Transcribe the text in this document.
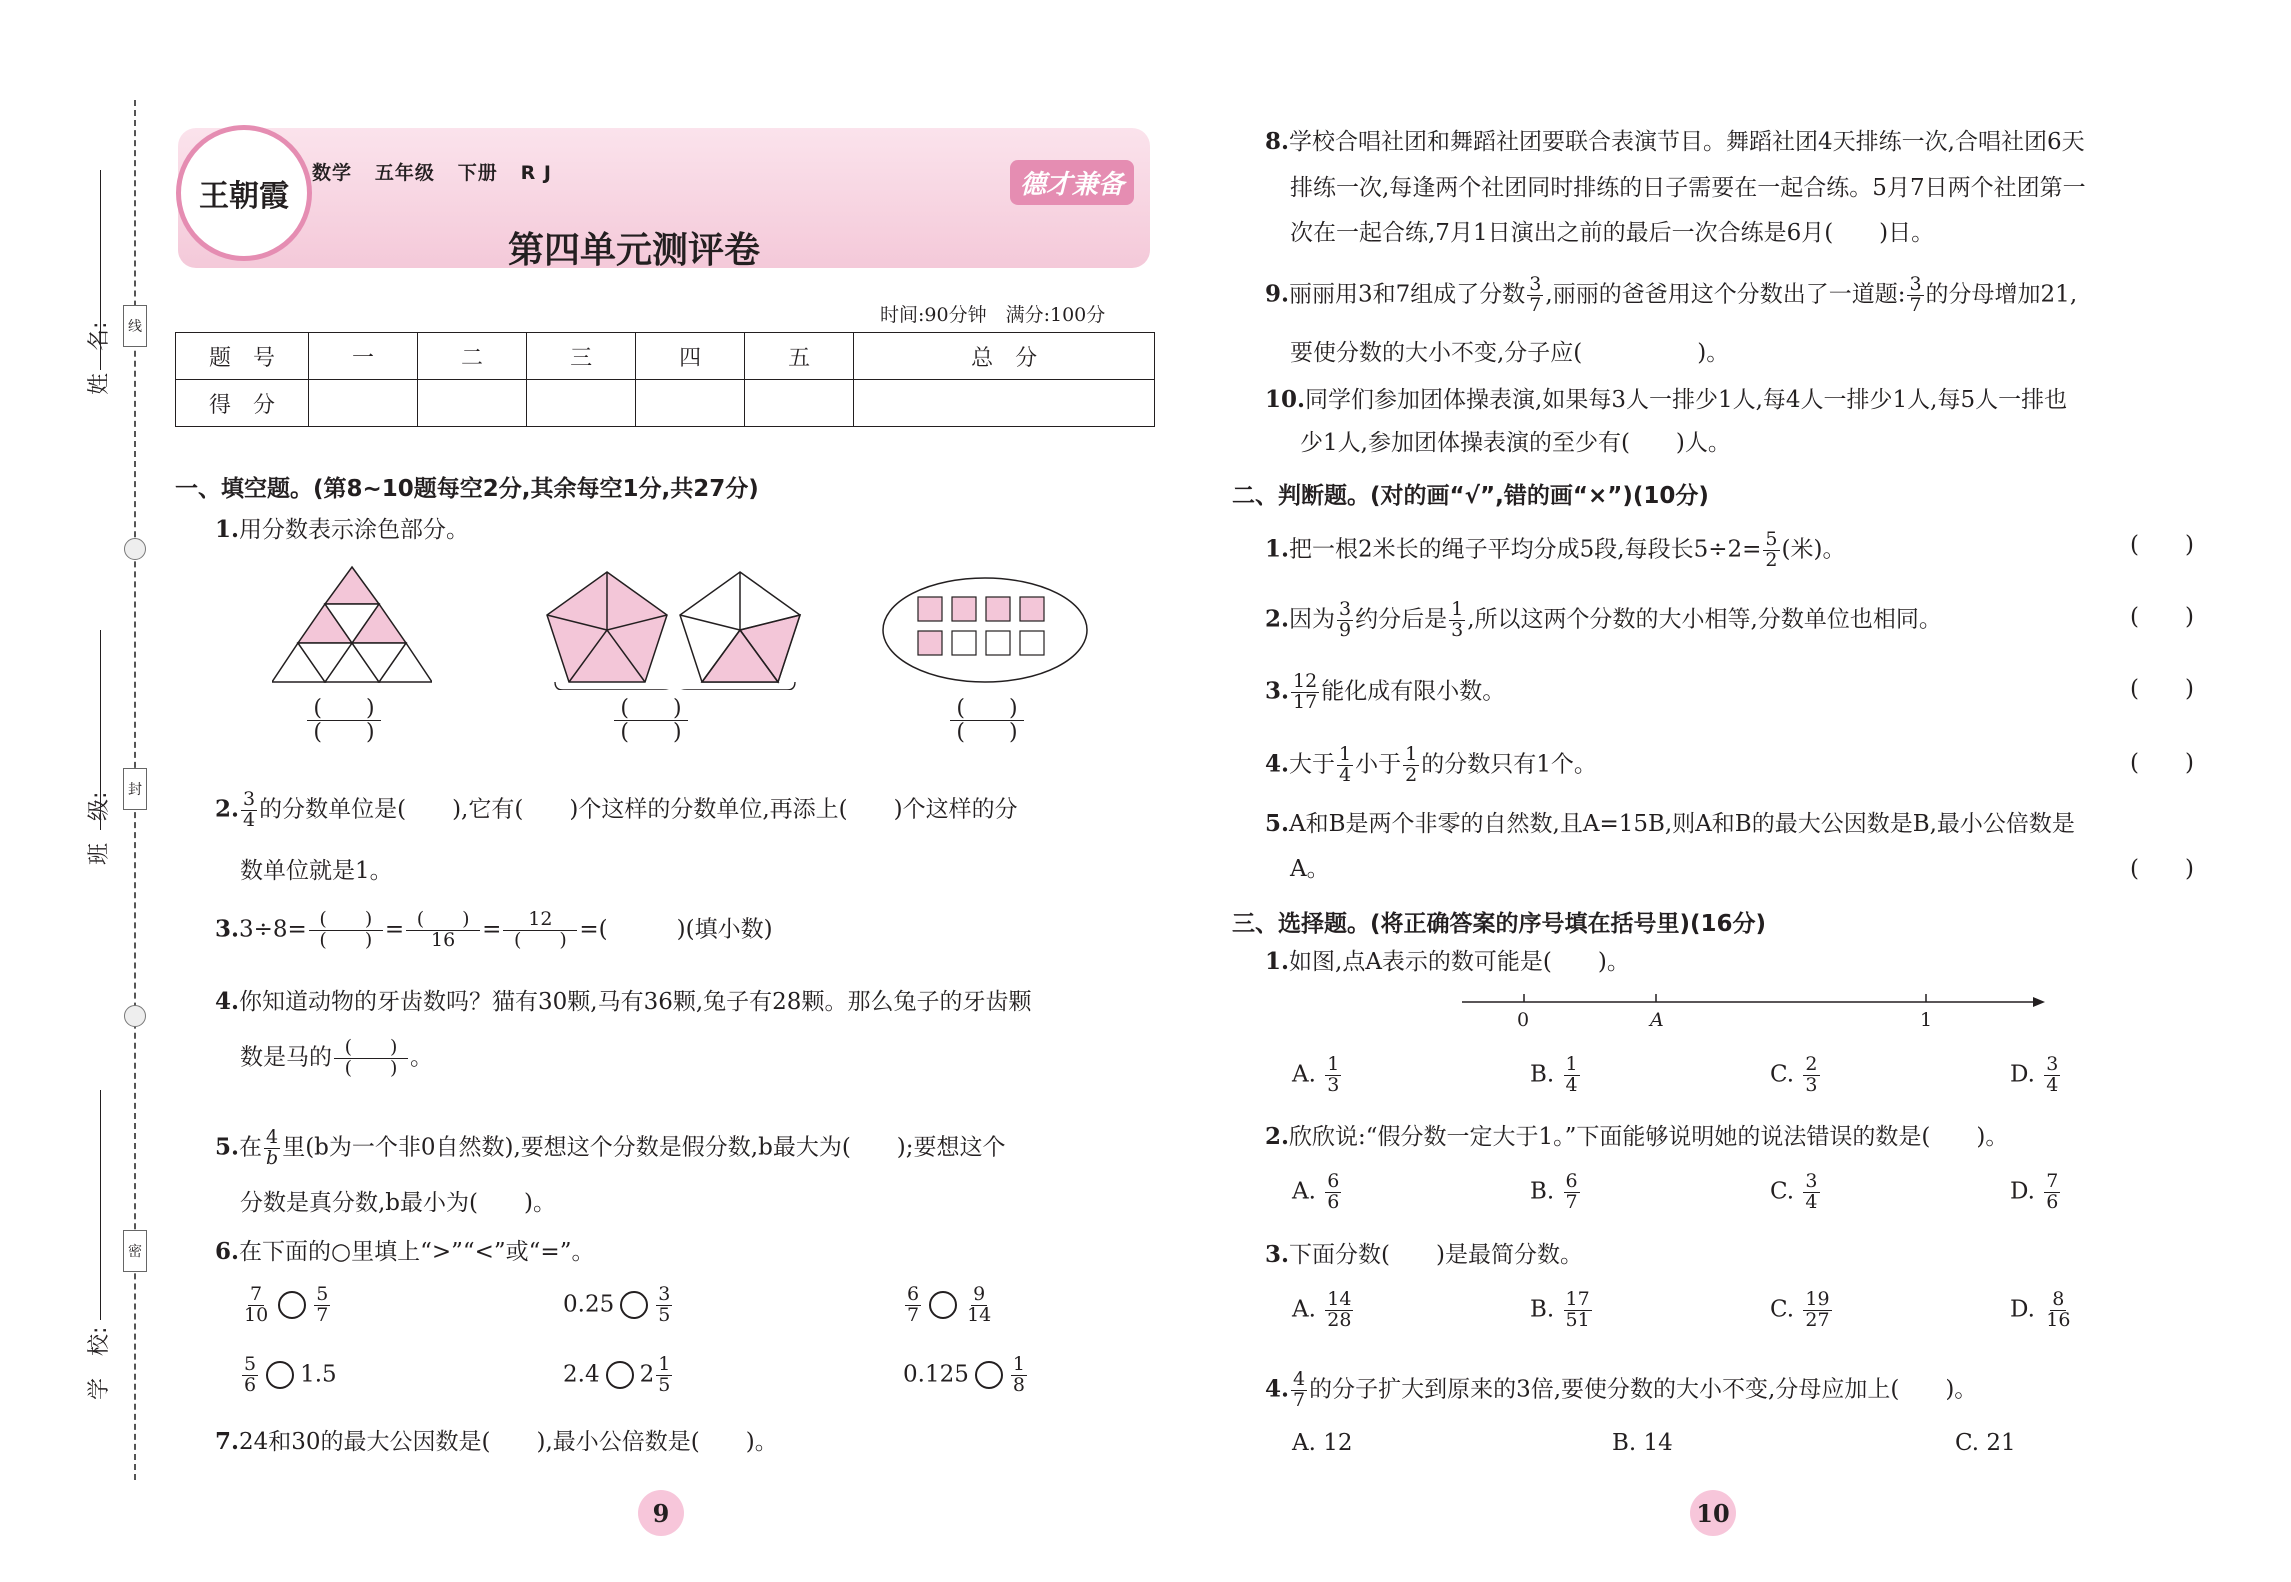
线
封
密
姓　名:
班　级:
学　校:
王朝霞
数学 五年级 下册 R J	德才兼备
第四单元测评卷
时间:90分钟　满分:100分
题　号	一	二	三	四	五	总　分
得　分						
一、填空题。(第8~10题每空2分,其余每空1分,共27分)
1.用分数表示涂色部分。
$\frac{( )}{( )}$	$\frac{( )}{( )}$	$\frac{( )}{( )}$
2. $\frac{3}{4}$ 的分数单位是(　　),它有(　　)个这样的分数单位,再添上(　　)个这样的分
数单位就是1。
$3.3\div 8= \frac{( )}{( )} = \frac{( )}{16} = \frac{12}{( )}$ =(　　　)(填小数)
4.你知道动物的牙齿数吗？猫有30颗,马有36颗,兔子有28颗。那么兔子的牙齿颗
数是马的 $\frac{( )}{( )}$ 。
5.在 $\frac{4}{b}$ 里(b为一个非0自然数),要想这个分数是假分数,b最大为(　　);要想这个
分数是真分数,b最小为(　　)。
6.在下面的○里填上“>”“<”或“=”。
$\frac{7}{10} \frac{5}{7}$	$0.25 \frac{3}{5}$	$\frac{6}{7} \frac{9}{14}$
$\frac{5}{6} 1.5$	2.4 $2 \frac{1}{5}$	$0.125 \frac{1}{8}$
7.24和30的最大公因数是(　　),最小公倍数是(　　)。
9
8.学校合唱社团和舞蹈社团要联合表演节目。舞蹈社团4天排练一次,合唱社团6天
排练一次,每逢两个社团同时排练的日子需要在一起合练。5月7日两个社团第一
次在一起合练,7月1日演出之前的最后一次合练是6月(　　)日。
9.丽丽用3和7组成了分数 $\frac{3}{7}$ ,丽丽的爸爸用这个分数出了一道题: $\frac{3}{7}$ 的分母增加21,
要使分数的大小不变,分子应(　　　　　)。
10.同学们参加团体操表演,如果每3人一排少1人,每4人一排少1人,每5人一排也
少1人,参加团体操表演的至少有(　　)人。
二、判断题。(对的画“√”,错的画“×”)(10分)
1.把一根2米长的绳子平均分成5段,每段长$5\div 2= \frac{5}{2}$ (米)。	(　　)
2.因为 $\frac{3}{9}$ 约分后是 $\frac{1}{3}$ ,所以这两个分数的大小相等,分数单位也相同。	(　　)
3. $\frac{12}{17}$ 能化成有限小数。	(　　)
4.大于 $\frac{1}{4}$ 小于 $\frac{1}{2}$ 的分数只有1个。	(　　)
5.A和B是两个非零的自然数,且A=15B,则A和B的最大公因数是B,最小公倍数是
A。	(　　)
三、选择题。(将正确答案的序号填在括号里)(16分)
1.如图,点A表示的数可能是(　　)。
0	A	1
A. $\frac{1}{3}$	B. $\frac{1}{4}$	C. $\frac{2}{3}$	D. $\frac{3}{4}$
2.欣欣说:“假分数一定大于1。”下面能够说明她的说法错误的数是(　　)。
A. $\frac{6}{6}$	B. $\frac{6}{7}$	C. $\frac{3}{4}$	D. $\frac{7}{6}$
3.下面分数(　　)是最简分数。
A. $\frac{14}{28}$	B. $\frac{17}{51}$	C. $\frac{19}{27}$	D. $\frac{8}{16}$
4. $\frac{4}{7}$ 的分子扩大到原来的3倍,要使分数的大小不变,分母应加上(　　)。
A. 12	B. 14	C. 21
10
